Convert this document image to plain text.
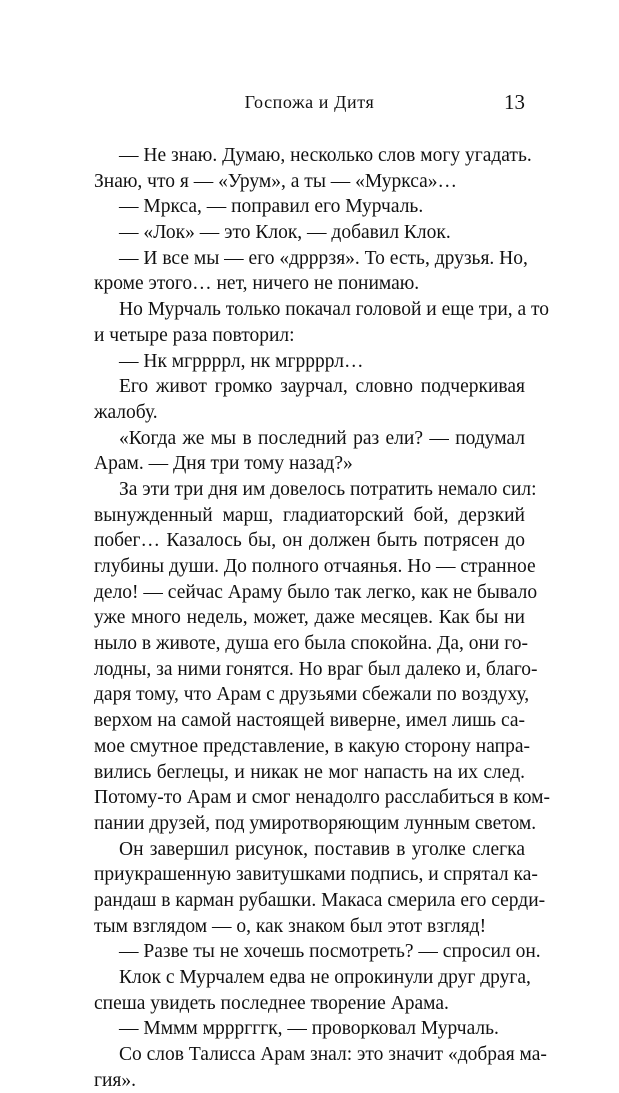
Госпожа и Дитя	13
— Не знаю. Думаю, несколько слов могу угадать.
Знаю, что я — «Урум», а ты — «Муркса»…
— Мркса, — поправил его Мурчаль.
— «Лок» — это Клок, — добавил Клок.
— И все мы — его «дрррзя». То есть, друзья. Но,
кроме этого… нет, ничего не понимаю.
Но Мурчаль только покачал головой и еще три, а то
и четыре раза повторил:
— Нк мгррррл, нк мгррррл…
Его живот громко заурчал, словно подчеркивая
жалобу.
«Когда же мы в последний раз ели? — подумал
Арам. — Дня три тому назад?»
За эти три дня им довелось потратить немало сил:
вынужденный марш, гладиаторский бой, дерзкий
побег… Казалось бы, он должен быть потрясен до
глубины души. До полного отчаянья. Но — странное
дело! — сейчас Араму было так легко, как не бывало
уже много недель, может, даже месяцев. Как бы ни
ныло в животе, душа его была спокойна. Да, они го-
лодны, за ними гонятся. Но враг был далеко и, благо-
даря тому, что Арам с друзьями сбежали по воздуху,
верхом на самой настоящей виверне, имел лишь са-
мое смутное представление, в какую сторону напра-
вились беглецы, и никак не мог напасть на их след.
Потому-то Арам и смог ненадолго расслабиться в ком-
пании друзей, под умиротворяющим лунным светом.
Он завершил рисунок, поставив в уголке слегка
приукрашенную завитушками подпись, и спрятал ка-
рандаш в карман рубашки. Макаса смерила его серди-
тым взглядом — о, как знаком был этот взгляд!
— Разве ты не хочешь посмотреть? — спросил он.
Клок с Мурчалем едва не опрокинули друг друга,
спеша увидеть последнее творение Арама.
— Мммм мррргггк, — проворковал Мурчаль.
Со слов Талисса Арам знал: это значит «добрая ма-
гия».
